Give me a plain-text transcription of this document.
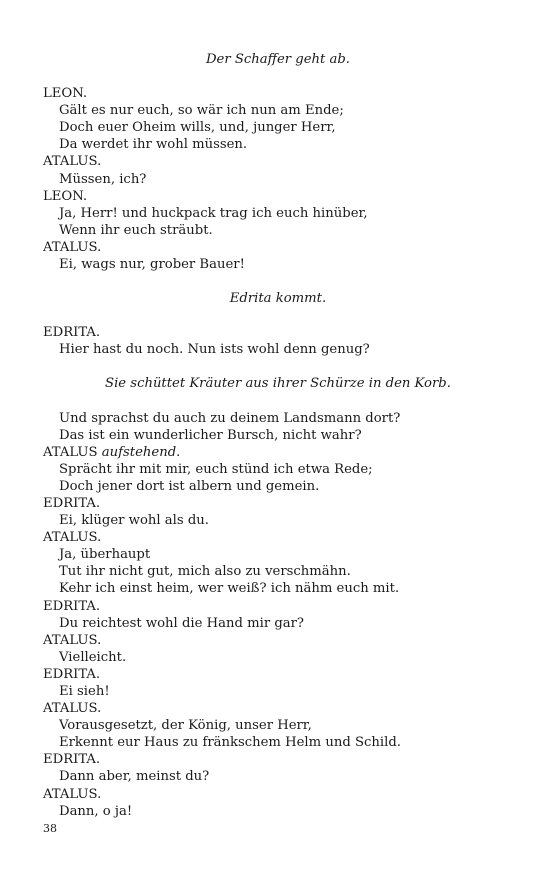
Der Schaffer geht ab.
LEON.
Gält es nur euch, so wär ich nun am Ende;
Doch euer Oheim wills, und, junger Herr,
Da werdet ihr wohl müssen.
ATALUS.
Müssen, ich?
LEON.
Ja, Herr! und huckpack trag ich euch hinüber,
Wenn ihr euch sträubt.
ATALUS.
Ei, wags nur, grober Bauer!
Edrita kommt.
EDRITA.
Hier hast du noch. Nun ists wohl denn genug?
Sie schüttet Kräuter aus ihrer Schürze in den Korb.
Und sprachst du auch zu deinem Landsmann dort?
Das ist ein wunderlicher Bursch, nicht wahr?
ATALUS aufstehend.
Sprächt ihr mit mir, euch stünd ich etwa Rede;
Doch jener dort ist albern und gemein.
EDRITA.
Ei, klüger wohl als du.
ATALUS.
Ja, überhaupt
Tut ihr nicht gut, mich also zu verschmähn.
Kehr ich einst heim, wer weiß? ich nähm euch mit.
EDRITA.
Du reichtest wohl die Hand mir gar?
ATALUS.
Vielleicht.
EDRITA.
Ei sieh!
ATALUS.
Vorausgesetzt, der König, unser Herr,
Erkennt eur Haus zu fränkschem Helm und Schild.
EDRITA.
Dann aber, meinst du?
ATALUS.
Dann, o ja!
38
